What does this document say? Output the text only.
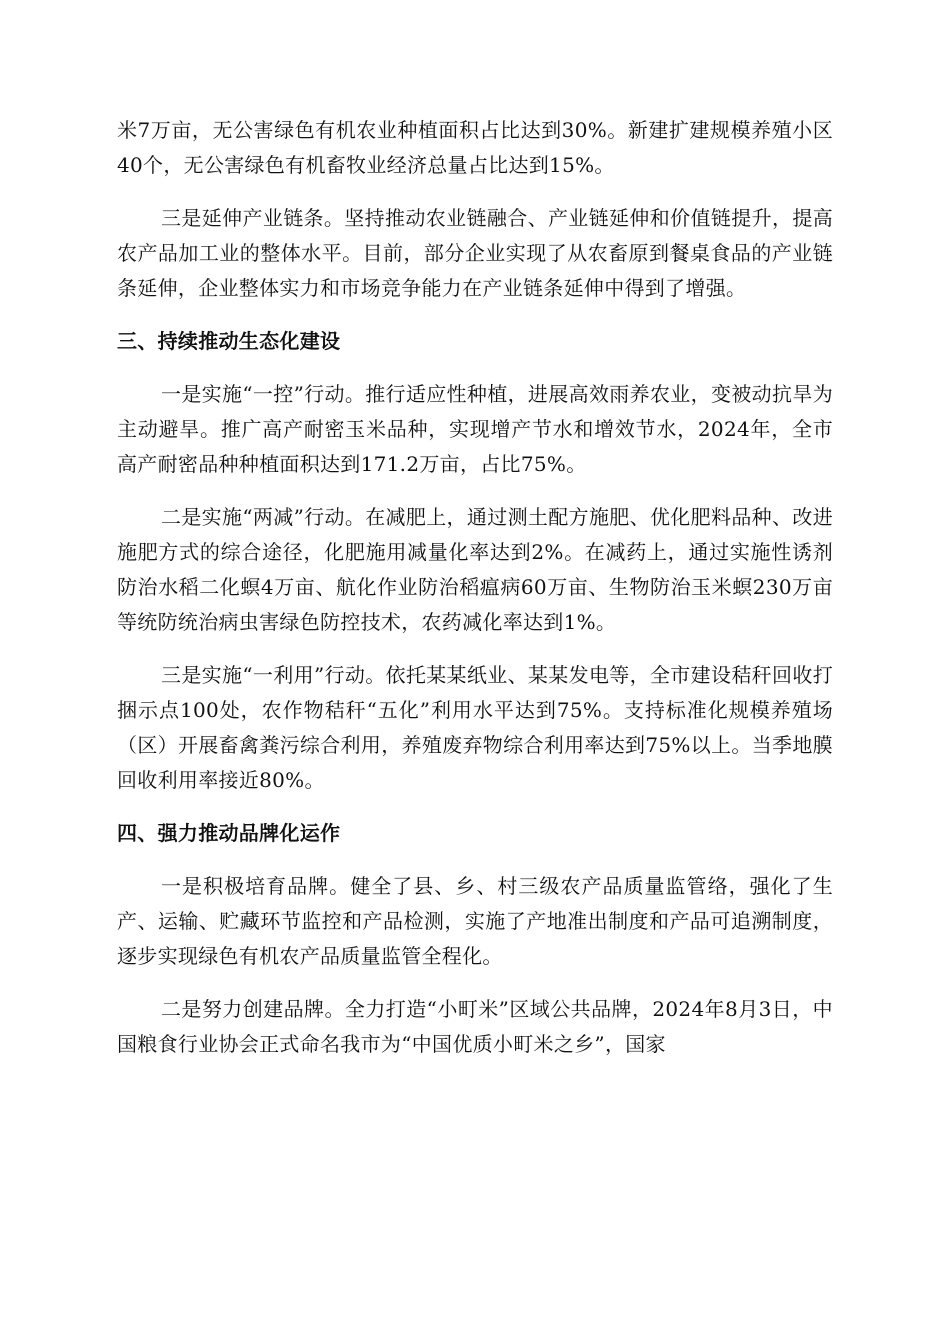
米7万亩，无公害绿色有机农业种植面积占比达到30%。新建扩建规模养殖小区40个，无公害绿色有机畜牧业经济总量占比达到15%。

三是延伸产业链条。坚持推动农业链融合、产业链延伸和价值链提升，提高农产品加工业的整体水平。目前，部分企业实现了从农畜原到餐桌食品的产业链条延伸，企业整体实力和市场竞争能力在产业链条延伸中得到了增强。

三、持续推动生态化建设

一是实施“一控”行动。推行适应性种植，进展高效雨养农业，变被动抗旱为主动避旱。推广高产耐密玉米品种，实现增产节水和增效节水，2024年，全市高产耐密品种种植面积达到171.2万亩，占比75%。

二是实施“两减”行动。在减肥上，通过测土配方施肥、优化肥料品种、改进施肥方式的综合途径，化肥施用减量化率达到2%。在减药上，通过实施性诱剂防治水稻二化螟4万亩、航化作业防治稻瘟病60万亩、生物防治玉米螟230万亩等统防统治病虫害绿色防控技术，农药减化率达到1%。

三是实施“一利用”行动。依托某某纸业、某某发电等，全市建设秸秆回收打捆示点100处，农作物秸秆“五化”利用水平达到75%。支持标准化规模养殖场（区）开展畜禽粪污综合利用，养殖废弃物综合利用率达到75%以上。当季地膜回收利用率接近80%。

四、强力推动品牌化运作

一是积极培育品牌。健全了县、乡、村三级农产品质量监管络，强化了生产、运输、贮藏环节监控和产品检测，实施了产地准出制度和产品可追溯制度，逐步实现绿色有机农产品质量监管全程化。

二是努力创建品牌。全力打造“小町米”区域公共品牌，2024年8月3日，中国粮食行业协会正式命名我市为“中国优质小町米之乡”，国家
